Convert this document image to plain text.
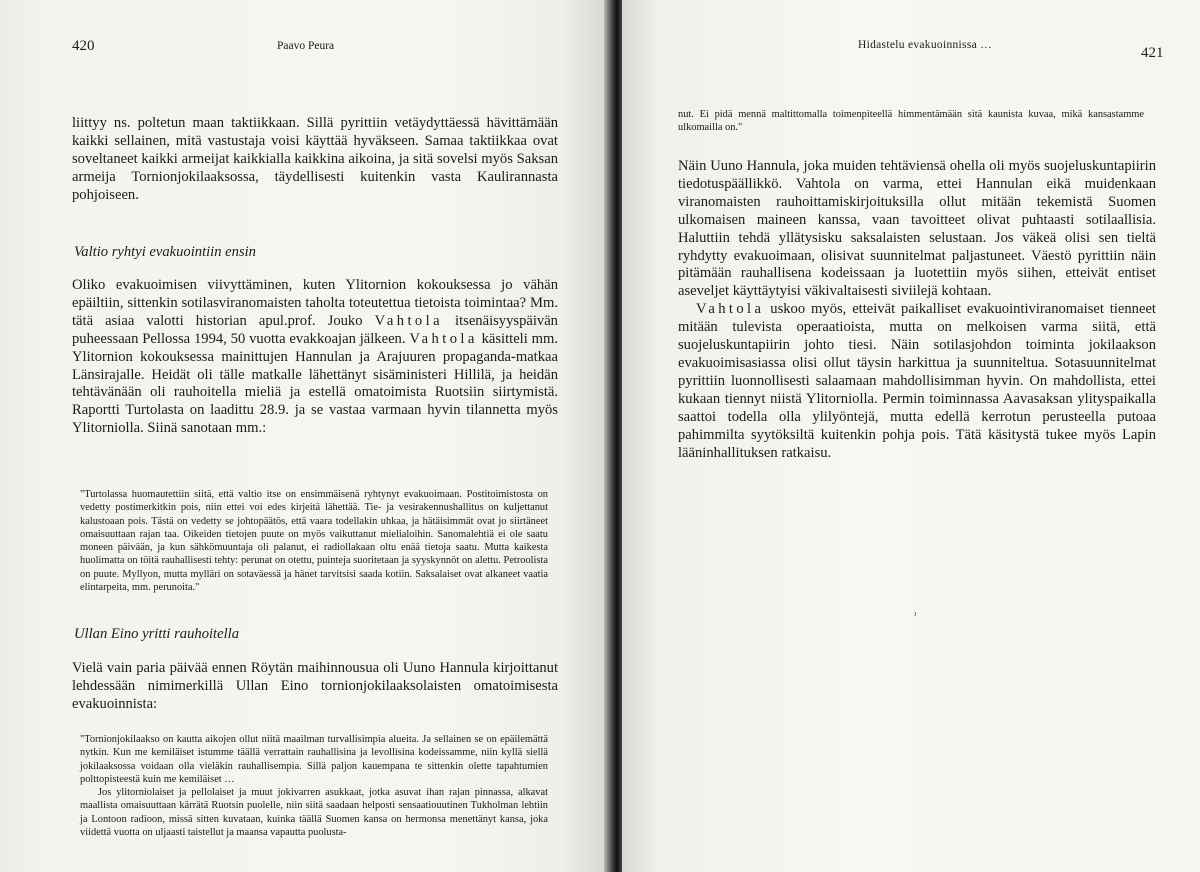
420	Paavo Peura

liittyy ns. poltetun maan taktiikkaan. Sillä pyrittiin vetäydyttäessä hävittämään kaikki sellainen, mitä vastustaja voisi käyttää hyväkseen. Samaa taktiikkaa ovat soveltaneet kaikki armeijat kaikkialla kaikkina aikoina, ja sitä sovelsi myös Saksan armeija Tornionjokilaaksossa, täydellisesti kuitenkin vasta Kaulirannasta pohjoiseen.

Valtio ryhtyi evakuointiin ensin

Oliko evakuoimisen viivyttäminen, kuten Ylitornion kokouksessa jo vähän epäiltiin, sittenkin sotilasviranomaisten taholta toteutettua tietoista toimintaa? Mm. tätä asiaa valotti historian apul.prof. Jouko Vahtola itsenäisyyspäivän puheessaan Pellossa 1994, 50 vuotta evakkoajan jälkeen. Vahtola käsitteli mm. Ylitornion kokouksessa mainittujen Hannulan ja Arajuuren propaganda-matkaa Länsirajalle. Heidät oli tälle matkalle lähettänyt sisäministeri Hillilä, ja heidän tehtävänään oli rauhoitella mieliä ja estellä omatoimista Ruotsiin siirtymistä. Raportti Turtolasta on laadittu 28.9. ja se vastaa varmaan hyvin tilannetta myös Ylitorniolla. Siinä sanotaan mm.:

"Turtolassa huomautettiin siitä, että valtio itse on ensimmäisenä ryhtynyt evakuoimaan. Postitoimistosta on vedetty postimerkitkin pois, niin ettei voi edes kirjeitä lähettää. Tie- ja vesirakennushallitus on kuljettanut kalustoaan pois. Tästä on vedetty se johtopäätös, että vaara todellakin uhkaa, ja hätäisimmät ovat jo siirtäneet omaisuuttaan rajan taa. Oikeiden tietojen puute on myös vaikuttanut mielialoihin. Sanomalehtiä ei ole saatu moneen päivään, ja kun sähkömuuntaja oli palanut, ei radiollakaan oltu enää tietoja saatu. Mutta kaikesta huolimatta on töitä rauhallisesti tehty: perunat on otettu, puinteja suoritetaan ja syyskynnöt on alettu. Petroolista on puute. Myllyon, mutta mylläri on sotaväessä ja hänet tarvitsisi saada kotiin. Saksalaiset ovat alkaneet vaatia elintarpeita, mm. perunoita."

Ullan Eino yritti rauhoitella

Vielä vain paria päivää ennen Röytän maihinnousua oli Uuno Hannula kirjoittanut lehdessään nimimerkillä Ullan Eino tornionjokilaaksolaisten omatoimisesta evakuoinnista:

"Tornionjokilaakso on kautta aikojen ollut niitä maailman turvallisimpia alueita. Ja sellainen se on epäilemättä nytkin. Kun me kemiläiset istumme täällä verrattain rauhallisina ja levollisina kodeissamme, niin kyllä siellä jokilaaksossa voidaan olla vieläkin rauhallisempia. Sillä paljon kauempana te sittenkin olette tapahtumien polttopisteestä kuin me kemiläiset …

Jos ylitorniolaiset ja pellolaiset ja muut jokivarren asukkaat, jotka asuvat ihan rajan pinnassa, alkavat maallista omaisuuttaan kärrätä Ruotsin puolelle, niin siitä saadaan helposti sensaatiouutinen Tukholman lehtiin ja Lontoon radioon, missä sitten kuvataan, kuinka täällä Suomen kansa on hermonsa menettänyt kansa, joka viidettä vuotta on uljaasti taistellut ja maansa vapautta puolusta-

Hidastelu evakuoinnissa …	421

nut. Ei pidä mennä maltittomalla toimenpiteellä himmentämään sitä kaunista kuvaa, mikä kansastamme ulkomailla on."

Näin Uuno Hannula, joka muiden tehtäviensä ohella oli myös suojeluskuntapiirin tiedotuspäällikkö. Vahtola on varma, ettei Hannulan eikä muidenkaan viranomaisten rauhoittamiskirjoituksilla ollut mitään tekemistä Suomen ulkomaisen maineen kanssa, vaan tavoitteet olivat puhtaasti sotilaallisia. Haluttiin tehdä yllätysisku saksalaisten selustaan. Jos väkeä olisi sen tieltä ryhdytty evakuoimaan, olisivat suunnitelmat paljastuneet. Väestö pyrittiin näin pitämään rauhallisena kodeissaan ja luotettiin myös siihen, etteivät entiset aseveljet käyttäytyisi väkivaltaisesti siviilejä kohtaan.

Vahtola uskoo myös, etteivät paikalliset evakuointiviranomaiset tienneet mitään tulevista operaatioista, mutta on melkoisen varma siitä, että suojeluskuntapiirin johto tiesi. Näin sotilasjohdon toiminta jokilaakson evakuoimisasiassa olisi ollut täysin harkittua ja suunniteltua. Sotasuunnitelmat pyrittiin luonnollisesti salaamaan mahdollisimman hyvin. On mahdollista, ettei kukaan tiennyt niistä Ylitorniolla. Permin toiminnassa Aavasaksan ylityspaikalla saattoi todella olla ylilyöntejä, mutta edellä kerrotun perusteella putoaa pahimmilta syytöksiltä kuitenkin pohja pois. Tätä käsitystä tukee myös Lapin lääninhallituksen ratkaisu.

ʴ
